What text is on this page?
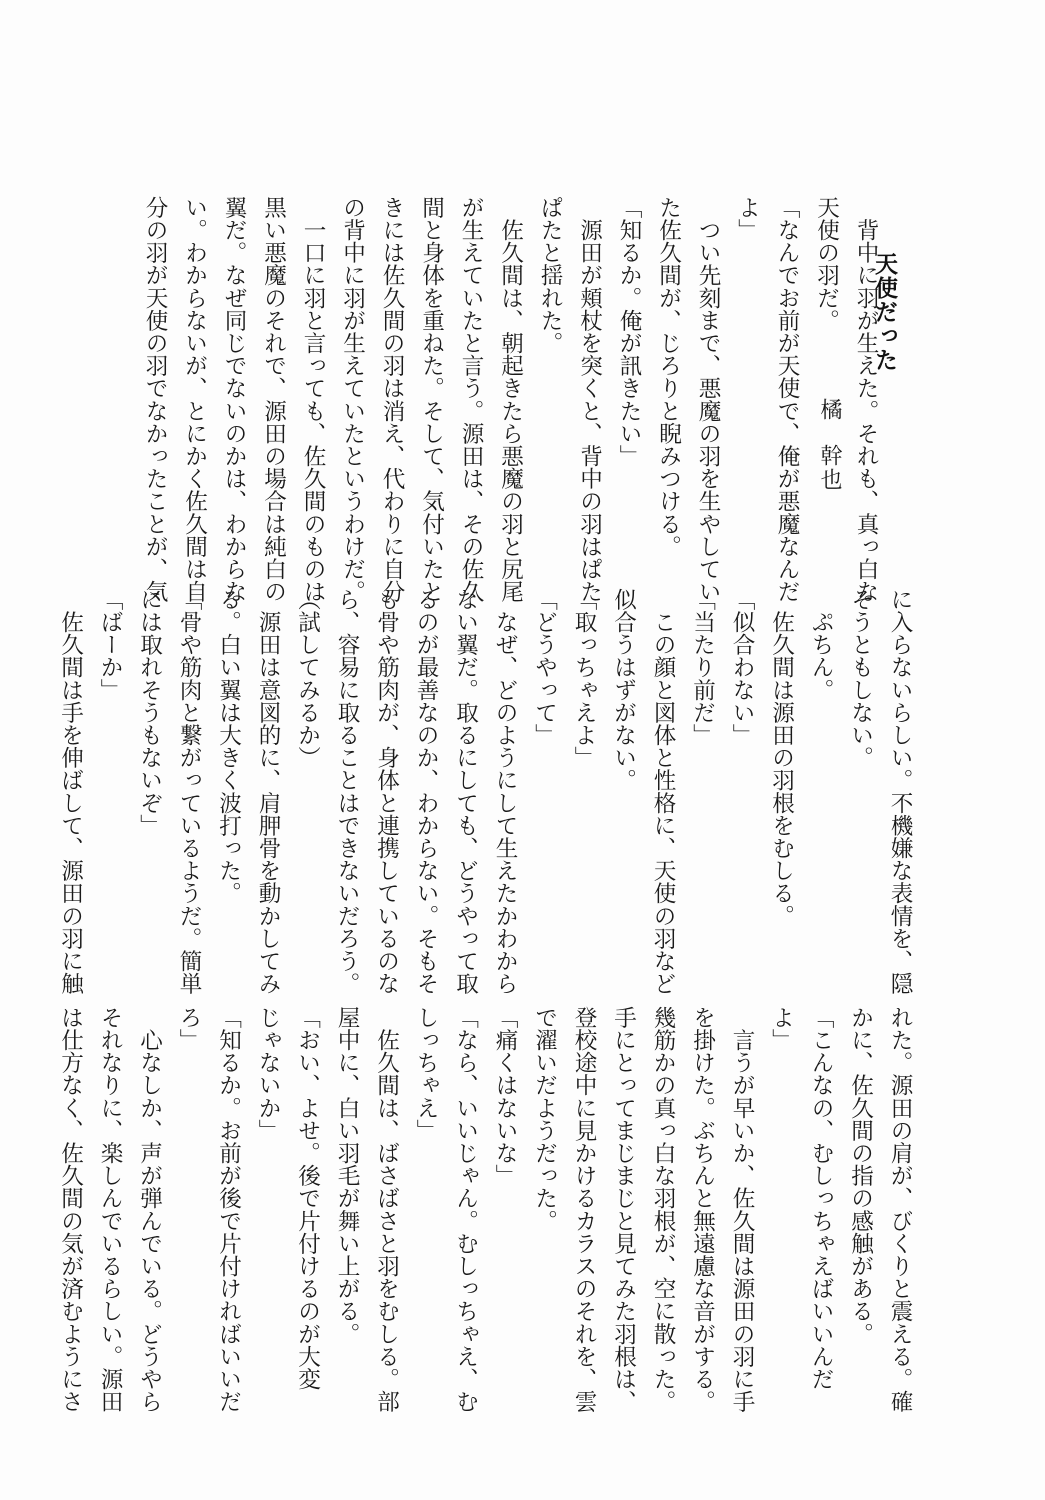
天使だった
橘幹也 　背中に羽が生えた。それも、真っ白な
天使の羽だ。
「なんでお前が天使で、俺が悪魔なんだ
よ」
　つい先刻まで、悪魔の羽を生やしてい
た佐久間が、じろりと睨みつける。
「知るか。俺が訊きたい」
　源田が頬杖を突くと、背中の羽はぱた
ぱたと揺れた。
　佐久間は、朝起きたら悪魔の羽と尻尾
が生えていたと言う。源田は、その佐久
間と身体を重ねた。そして、気付いたと
きには佐久間の羽は消え、代わりに自分
の背中に羽が生えていたというわけだ。
　一口に羽と言っても、佐久間のものは
黒い悪魔のそれで、源田の場合は純白の
翼だ。なぜ同じでないのかは、わからな
い。わからないが、とにかく佐久間は自
分の羽が天使の羽でなかったことが、気
に入らないらしい。不機嫌な表情を、隠
そうともしない。
　ぷちん。
　佐久間は源田の羽根をむしる。
「似合わない」
「当たり前だ」
　この顔と図体と性格に、天使の羽など
似合うはずがない。
「取っちゃえよ」
「どうやって」
　なぜ、どのようにして生えたかわから
ない翼だ。取るにしても、どうやって取
るのが最善なのか、わからない。そもそ
も骨や筋肉が、身体と連携しているのな
ら、容易に取ることはできないだろう。
（試してみるか）
　源田は意図的に、肩胛骨を動かしてみ
る。白い翼は大きく波打った。
「骨や筋肉と繋がっているようだ。簡単
には取れそうもないぞ」
「ばーか」
　佐久間は手を伸ばして、源田の羽に触
れた。源田の肩が、びくりと震える。確
かに、佐久間の指の感触がある。
「こんなの、むしっちゃえばいいんだ
よ」
　言うが早いか、佐久間は源田の羽に手
を掛けた。ぶちんと無遠慮な音がする。
幾筋かの真っ白な羽根が、空に散った。
手にとってまじまじと見てみた羽根は、
登校途中に見かけるカラスのそれを、雲
で濯いだようだった。
「痛くはないな」
「なら、いいじゃん。むしっちゃえ、む
しっちゃえ」
　佐久間は、ばさばさと羽をむしる。部
屋中に、白い羽毛が舞い上がる。
「おい、よせ。後で片付けるのが大変
じゃないか」
「知るか。お前が後で片付ければいいだ
ろ」
　心なしか、声が弾んでいる。どうやら
それなりに、楽しんでいるらしい。源田
は仕方なく、佐久間の気が済むようにさ
